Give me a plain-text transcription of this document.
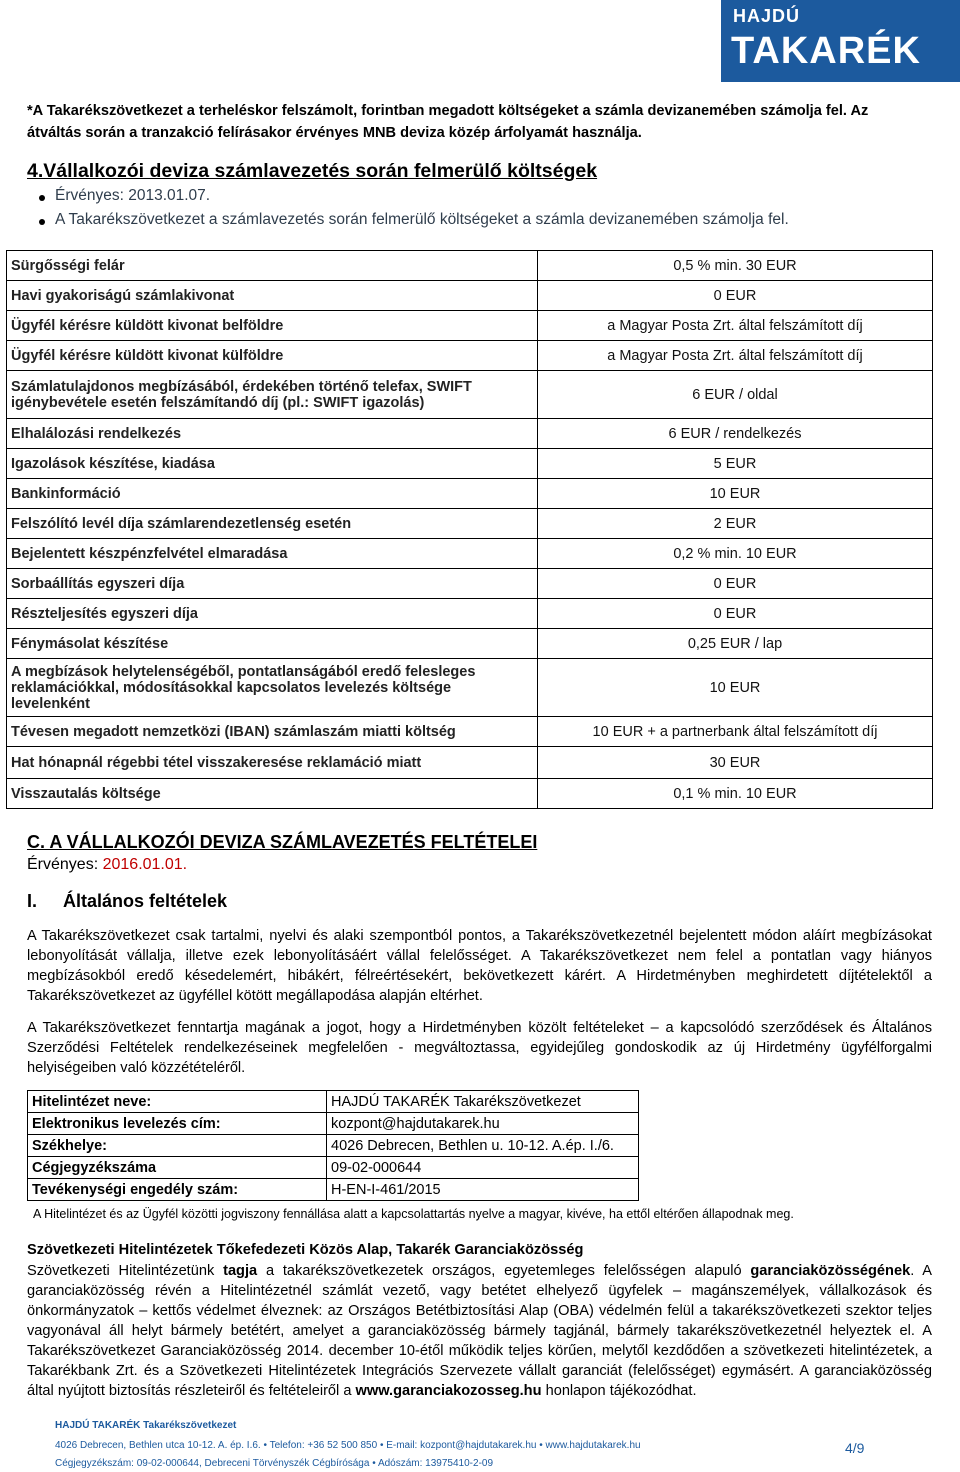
HAJDÚ
TAKARÉK
*A Takarékszövetkezet a terheléskor felszámolt, forintban megadott költségeket a számla devizanemében számolja fel. Az átváltás során a tranzakció felírásakor érvényes MNB deviza közép árfolyamát használja.
4.Vállalkozói deviza számlavezetés során felmerülő költségek
Érvényes: 2013.01.07.
A Takarékszövetkezet a számlavezetés során felmerülő költségeket a számla devizanemében számolja fel.
Sürgősségi felár	0,5 % min. 30 EUR
Havi gyakoriságú számlakivonat	0 EUR
Ügyfél kérésre küldött kivonat belföldre	a Magyar Posta Zrt. által felszámított díj
Ügyfél kérésre küldött kivonat külföldre	a Magyar Posta Zrt. által felszámított díj
Számlatulajdonos megbízásából, érdekében történő telefax, SWIFT igénybevétele esetén felszámítandó díj (pl.: SWIFT igazolás)	6 EUR / oldal
Elhalálozási rendelkezés	6 EUR / rendelkezés
Igazolások készítése, kiadása	5 EUR
Bankinformáció	10 EUR
Felszólító levél díja számlarendezetlenség esetén	2 EUR
Bejelentett készpénzfelvétel elmaradása	0,2 % min. 10 EUR
Sorbaállítás egyszeri díja	0 EUR
Részteljesítés egyszeri díja	0 EUR
Fénymásolat készítése	0,25 EUR / lap
A megbízások helytelenségéből, pontatlanságából eredő felesleges reklamációkkal, módosításokkal kapcsolatos levelezés költsége levelenként	10 EUR
Tévesen megadott nemzetközi (IBAN) számlaszám miatti költség	10 EUR + a partnerbank által felszámított díj
Hat hónapnál régebbi tétel visszakeresése reklamáció miatt	30 EUR
Visszautalás költsége	0,1 % min. 10 EUR
C. A VÁLLALKOZÓI DEVIZA SZÁMLAVEZETÉS FELTÉTELEI
Érvényes: 2016.01.01.
I. Általános feltételek
A Takarékszövetkezet csak tartalmi, nyelvi és alaki szempontból pontos, a Takarékszövetkezetnél bejelentett módon aláírt megbízásokat lebonyolítását vállalja, illetve ezek lebonyolításáért vállal felelősséget. A Takarékszövetkezet nem felel a pontatlan vagy hiányos megbízásokból eredő késedelemért, hibákért, félreértésekért, bekövetkezett kárért. A Hirdetményben meghirdetett díjtételektől a Takarékszövetkezet az ügyféllel kötött megállapodása alapján eltérhet.
A Takarékszövetkezet fenntartja magának a jogot, hogy a Hirdetményben közölt feltételeket – a kapcsolódó szerződések és Általános Szerződési Feltételek rendelkezéseinek megfelelően - megváltoztassa, egyidejűleg gondoskodik az új Hirdetmény ügyfélforgalmi helyiségeiben való közzétételéről.
Hitelintézet neve:	HAJDÚ TAKARÉK Takarékszövetkezet
Elektronikus levelezés cím:	kozpont@hajdutakarek.hu
Székhelye:	4026 Debrecen, Bethlen u. 10-12. A.ép. I./6.
Cégjegyzékszáma	09-02-000644
Tevékenységi engedély szám:	H-EN-I-461/2015
A Hitelintézet és az Ügyfél közötti jogviszony fennállása alatt a kapcsolattartás nyelve a magyar, kivéve, ha ettől eltérően állapodnak meg.
Szövetkezeti Hitelintézetek Tőkefedezeti Közös Alap, Takarék Garanciaközösség
Szövetkezeti Hitelintézetünk tagja a takarékszövetkezetek országos, egyetemleges felelősségen alapuló garanciaközösségének. A garanciaközösség révén a Hitelintézetnél számlát vezető, vagy betétet elhelyező ügyfelek – magánszemélyek, vállalkozások és önkormányzatok – kettős védelmet élveznek: az Országos Betétbiztosítási Alap (OBA) védelmén felül a takarékszövetkezeti szektor teljes vagyonával áll helyt bármely betétért, amelyet a garanciaközösség bármely tagjánál, bármely takarékszövetkezetnél helyeztek el. A Takarékszövetkezet Garanciaközösség 2014. december 10-étől működik teljes körűen, melytől kezdődően a szövetkezeti hitelintézetek, a Takarékbank Zrt. és a Szövetkezeti Hitelintézetek Integrációs Szervezete vállalt garanciát (felelősséget) egymásért. A garanciaközösség által nyújtott biztosítás részleteiről és feltételeiről a www.garanciakozosseg.hu honlapon tájékozódhat.
HAJDÚ TAKARÉK Takarékszövetkezet
4026 Debrecen, Bethlen utca 10-12. A. ép. I.6. • Telefon: +36 52 500 850 • E-mail: kozpont@hajdutakarek.hu • www.hajdutakarek.hu
Cégjegyzékszám: 09-02-000644, Debreceni Törvényszék Cégbírósága • Adószám: 13975410-2-09
4/9
